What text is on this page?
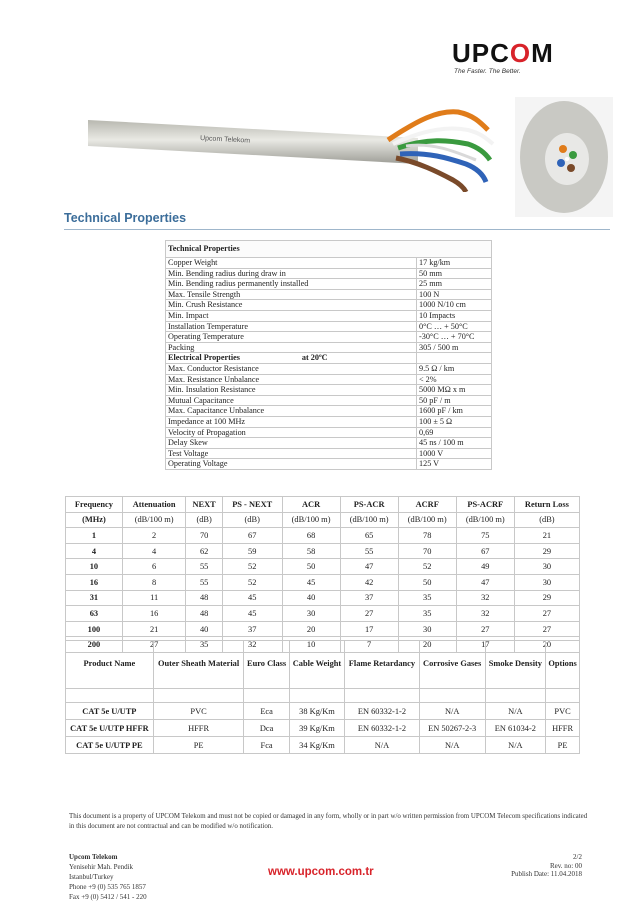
UPCOM
The Faster. The Better.
Upcom Telekom
Technical Properties
Technical Properties	
Copper Weight	17 kg/km
Min. Bending radius during draw in	50 mm
Min. Bending radius permanently installed	25 mm
Max. Tensile Strength	100 N
Min. Crush Resistance	1000 N/10 cm
Min. Impact	10 Impacts
Installation Temperature	0°C … + 50°C
Operating Temperature	-30°C … + 70°C
Packing	305 / 500 m
Electrical Properties at 20ºC	
Max. Conductor Resistance	9.5 Ω / km
Max. Resistance Unbalance	< 2%
Min. Insulation Resistance	5000 MΩ x m
Mutual Capacitance	50 pF / m
Max. Capacitance Unbalance	1600 pF / km
Impedance at 100 MHz	100 ± 5 Ω
Velocity of Propagation	0,69
Delay Skew	45 ns / 100 m
Test Voltage	1000 V
Operating Voltage	125 V
Frequency	Attenuation	NEXT	PS - NEXT	ACR	PS-ACR	ACRF	PS-ACRF	Return Loss
(MHz)	(dB/100 m)	(dB)	(dB)	(dB/100 m)	(dB/100 m)	(dB/100 m)	(dB/100 m)	(dB)
1	2	70	67	68	65	78	75	21
4	4	62	59	58	55	70	67	29
10	6	55	52	50	47	52	49	30
16	8	55	52	45	42	50	47	30
31	11	48	45	40	37	35	32	29
63	16	48	45	30	27	35	32	27
100	21	40	37	20	17	30	27	27
200	27	35	32	10	7	20	17	20
Product Name	Outer Sheath Material	Euro Class	Cable Weight	Flame Retardancy	Corrosive Gases	Smoke Density	Options

CAT 5e U/UTP	PVC	Eca	38 Kg/Km	EN 60332-1-2	N/A	N/A	PVC
CAT 5e U/UTP HFFR	HFFR	Dca	39 Kg/Km	EN 60332-1-2	EN 50267-2-3	EN 61034-2	HFFR
CAT 5e U/UTP PE	PE	Fca	34 Kg/Km	N/A	N/A	N/A	PE
This document is a property of UPCOM Telekom and must not be copied or damaged in any form, wholly or in part w/o written permission from UPCOM Telecom specifications indicated in this document are not contractual and can be modified w/o notification.
Upcom Telekom
Yenisehir Mah. Pendik
Istanbul/Turkey
Phone +9 (0) 535 765 1857
Fax +9 (0) 5412 / 541 - 220
www.upcom.com.tr
2/2
Rev. no: 00
Publish Date: 11.04.2018
